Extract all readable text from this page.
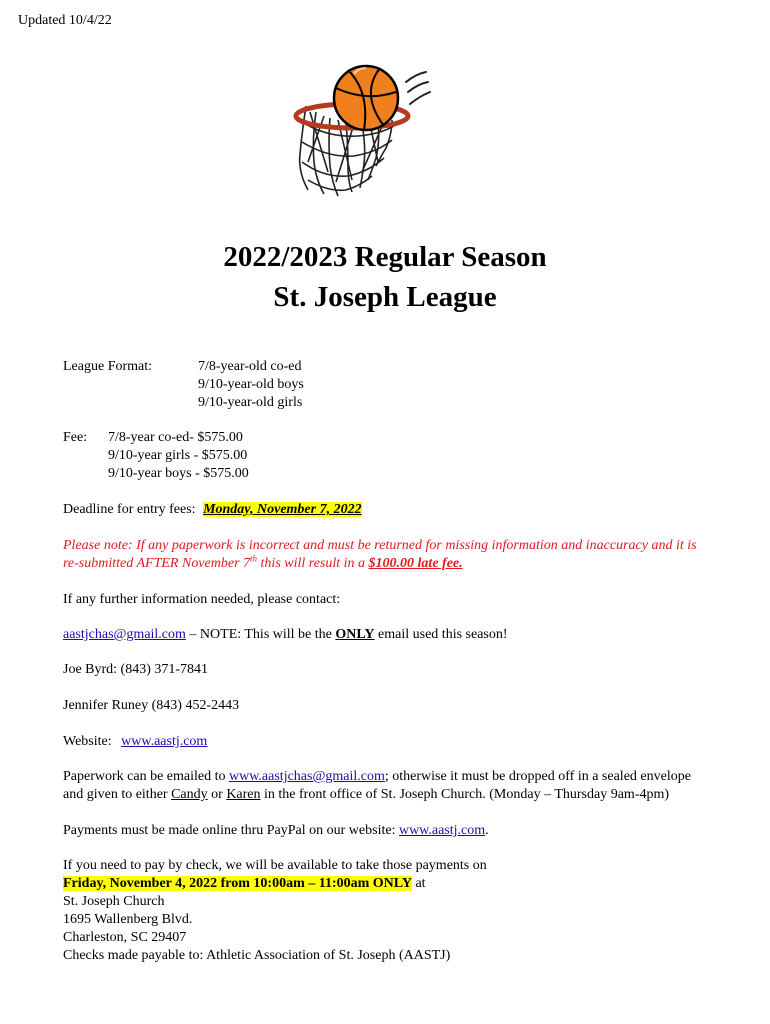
Updated 10/4/22
2022/2023 Regular Season
St. Joseph League
League Format:	7/8-year-old co-ed
9/10-year-old boys
9/10-year-old girls
Fee: 7/8-year co-ed- $575.00
9/10-year girls - $575.00
9/10-year boys - $575.00
Deadline for entry fees: Monday, November 7, 2022
Please note: If any paperwork is incorrect and must be returned for missing information and inaccuracy and it is
re-submitted AFTER November 7th this will result in a $100.00 late fee.
If any further information needed, please contact:
aastjchas@gmail.com – NOTE: This will be the ONLY email used this season!
Joe Byrd: (843) 371-7841
Jennifer Runey (843) 452-2443
Website: www.aastj.com
Paperwork can be emailed to www.aastjchas@gmail.com; otherwise it must be dropped off in a sealed envelope
and given to either Candy or Karen in the front office of St. Joseph Church. (Monday – Thursday 9am-4pm)
Payments must be made online thru PayPal on our website: www.aastj.com.
If you need to pay by check, we will be available to take those payments on
Friday, November 4, 2022 from 10:00am – 11:00am ONLY at
St. Joseph Church
1695 Wallenberg Blvd.
Charleston, SC 29407
Checks made payable to: Athletic Association of St. Joseph (AASTJ)
